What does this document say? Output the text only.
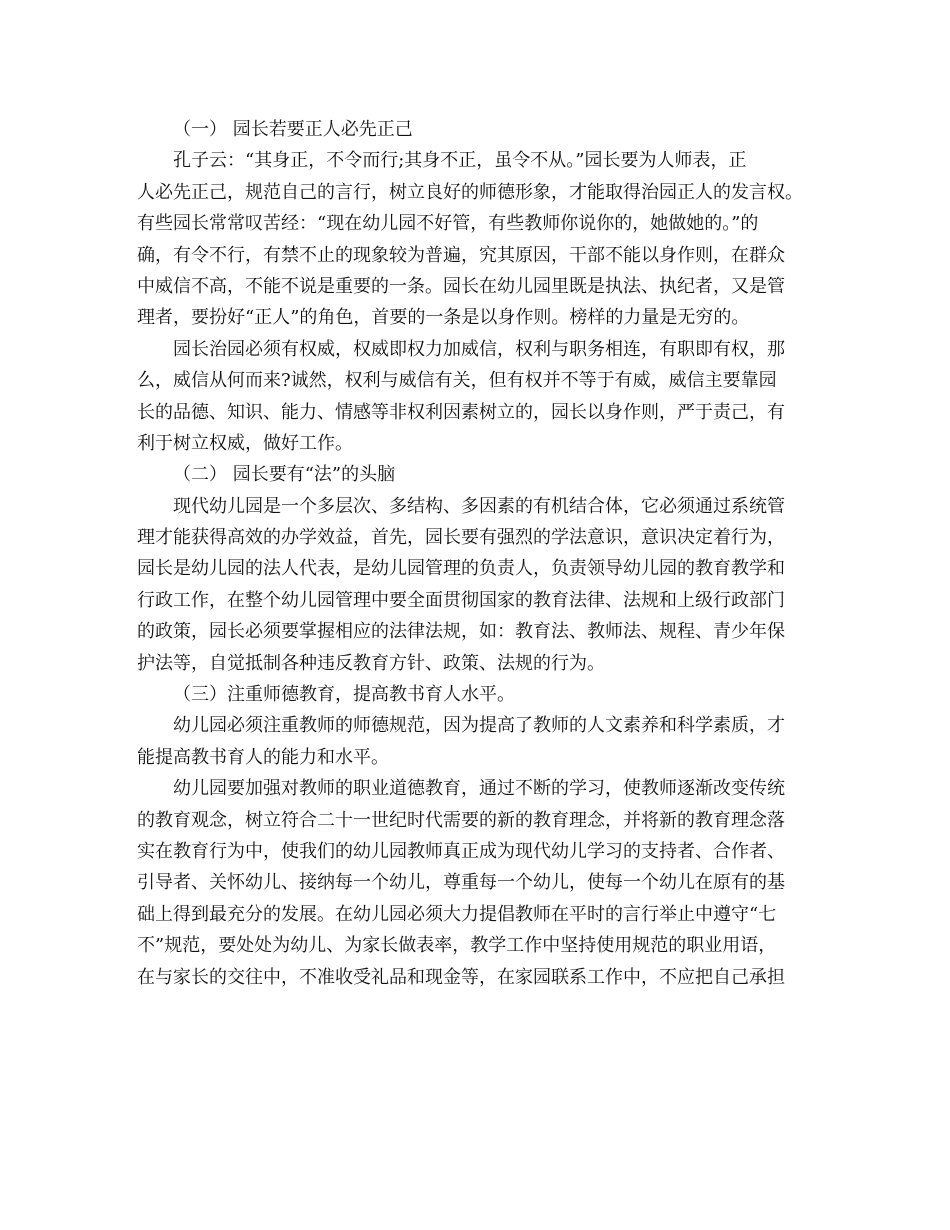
（一） 园长若要正人必先正己
孔子云：“其身正，不令而行;其身不正，虽令不从。”园长要为人师表，正
人必先正己，规范自己的言行，树立良好的师德形象，才能取得治园正人的发言权。
有些园长常常叹苦经：“现在幼儿园不好管，有些教师你说你的，她做她的。”的
确，有令不行，有禁不止的现象较为普遍，究其原因，干部不能以身作则，在群众
中威信不高，不能不说是重要的一条。园长在幼儿园里既是执法、执纪者，又是管
理者，要扮好“正人”的角色，首要的一条是以身作则。榜样的力量是无穷的。
园长治园必须有权威，权威即权力加威信，权利与职务相连，有职即有权，那
么，威信从何而来?诚然，权利与威信有关，但有权并不等于有威，威信主要靠园
长的品德、知识、能力、情感等非权利因素树立的，园长以身作则，严于责己，有
利于树立权威，做好工作。
（二） 园长要有“法”的头脑
现代幼儿园是一个多层次、多结构、多因素的有机结合体，它必须通过系统管
理才能获得高效的办学效益，首先，园长要有强烈的学法意识，意识决定着行为，
园长是幼儿园的法人代表，是幼儿园管理的负责人，负责领导幼儿园的教育教学和
行政工作，在整个幼儿园管理中要全面贯彻国家的教育法律、法规和上级行政部门
的政策，园长必须要掌握相应的法律法规，如：教育法、教师法、规程、青少年保
护法等，自觉抵制各种违反教育方针、政策、法规的行为。
（三）注重师德教育，提高教书育人水平。
幼儿园必须注重教师的师德规范，因为提高了教师的人文素养和科学素质，才
能提高教书育人的能力和水平。
幼儿园要加强对教师的职业道德教育，通过不断的学习，使教师逐渐改变传统
的教育观念，树立符合二十一世纪时代需要的新的教育理念，并将新的教育理念落
实在教育行为中，使我们的幼儿园教师真正成为现代幼儿学习的支持者、合作者、
引导者、关怀幼儿、接纳每一个幼儿，尊重每一个幼儿，使每一个幼儿在原有的基
础上得到最充分的发展。在幼儿园必须大力提倡教师在平时的言行举止中遵守“七
不”规范，要处处为幼儿、为家长做表率，教学工作中坚持使用规范的职业用语，
在与家长的交往中，不准收受礼品和现金等，在家园联系工作中，不应把自己承担
